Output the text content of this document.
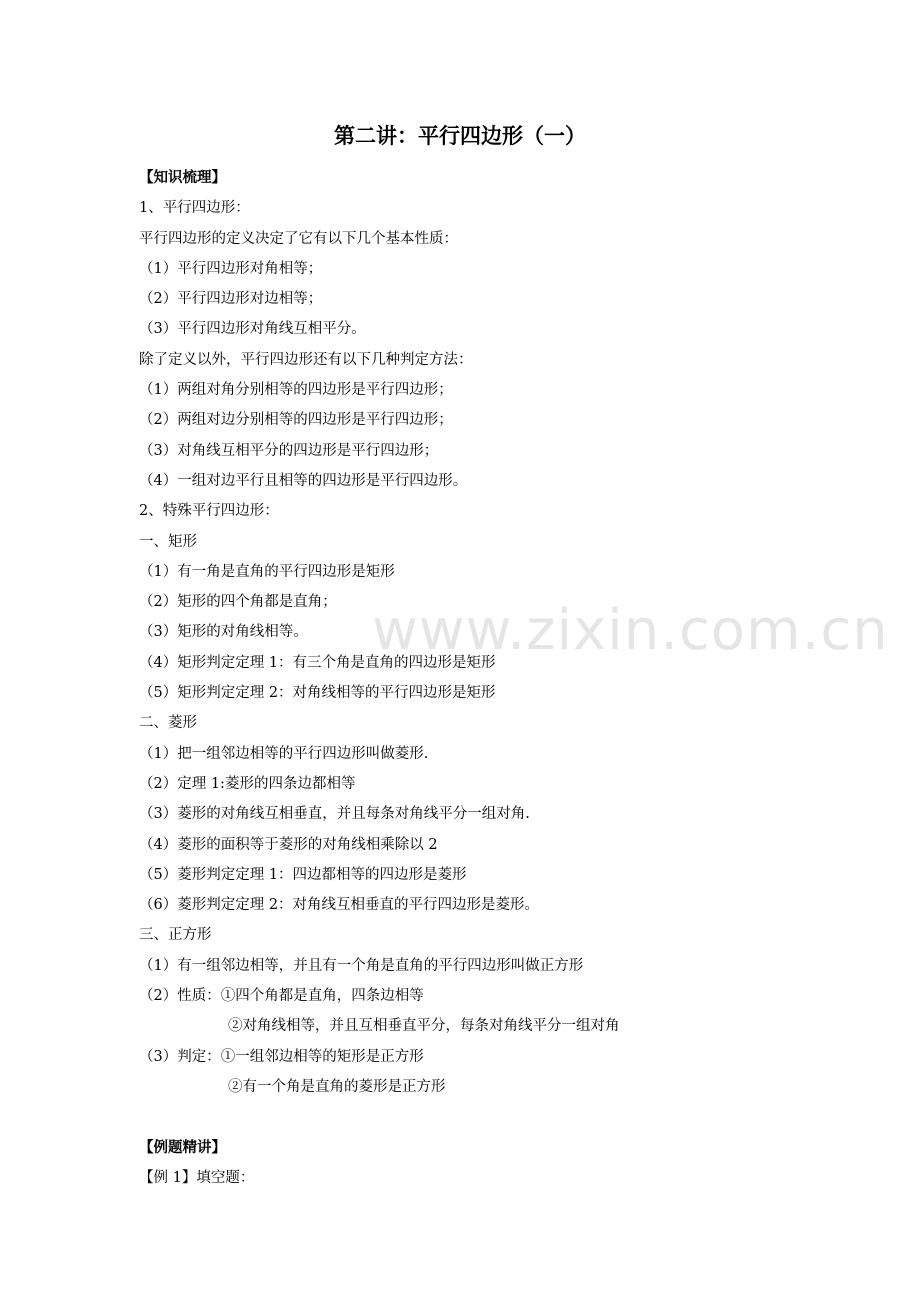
www.zixin.com.cn
第二讲：平行四边形（一）
【知识梳理】
1、平行四边形：
平行四边形的定义决定了它有以下几个基本性质：
（1）平行四边形对角相等；
（2）平行四边形对边相等；
（3）平行四边形对角线互相平分。
除了定义以外，平行四边形还有以下几种判定方法：
（1）两组对角分别相等的四边形是平行四边形；
（2）两组对边分别相等的四边形是平行四边形；
（3）对角线互相平分的四边形是平行四边形；
（4）一组对边平行且相等的四边形是平行四边形。
2、特殊平行四边形：
一、矩形
（1）有一角是直角的平行四边形是矩形
（2）矩形的四个角都是直角；
（3）矩形的对角线相等。
（4）矩形判定定理 1：有三个角是直角的四边形是矩形
（5）矩形判定定理 2：对角线相等的平行四边形是矩形
二、菱形
（1）把一组邻边相等的平行四边形叫做菱形.
（2）定理 1:菱形的四条边都相等
（3）菱形的对角线互相垂直，并且每条对角线平分一组对角.
（4）菱形的面积等于菱形的对角线相乘除以 2
（5）菱形判定定理 1：四边都相等的四边形是菱形
（6）菱形判定定理 2：对角线互相垂直的平行四边形是菱形。
三、正方形
（1）有一组邻边相等，并且有一个角是直角的平行四边形叫做正方形
（2）性质：①四个角都是直角，四条边相等
②对角线相等，并且互相垂直平分，每条对角线平分一组对角
（3）判定：①一组邻边相等的矩形是正方形
②有一个角是直角的菱形是正方形
【例题精讲】
【例 1】填空题：
